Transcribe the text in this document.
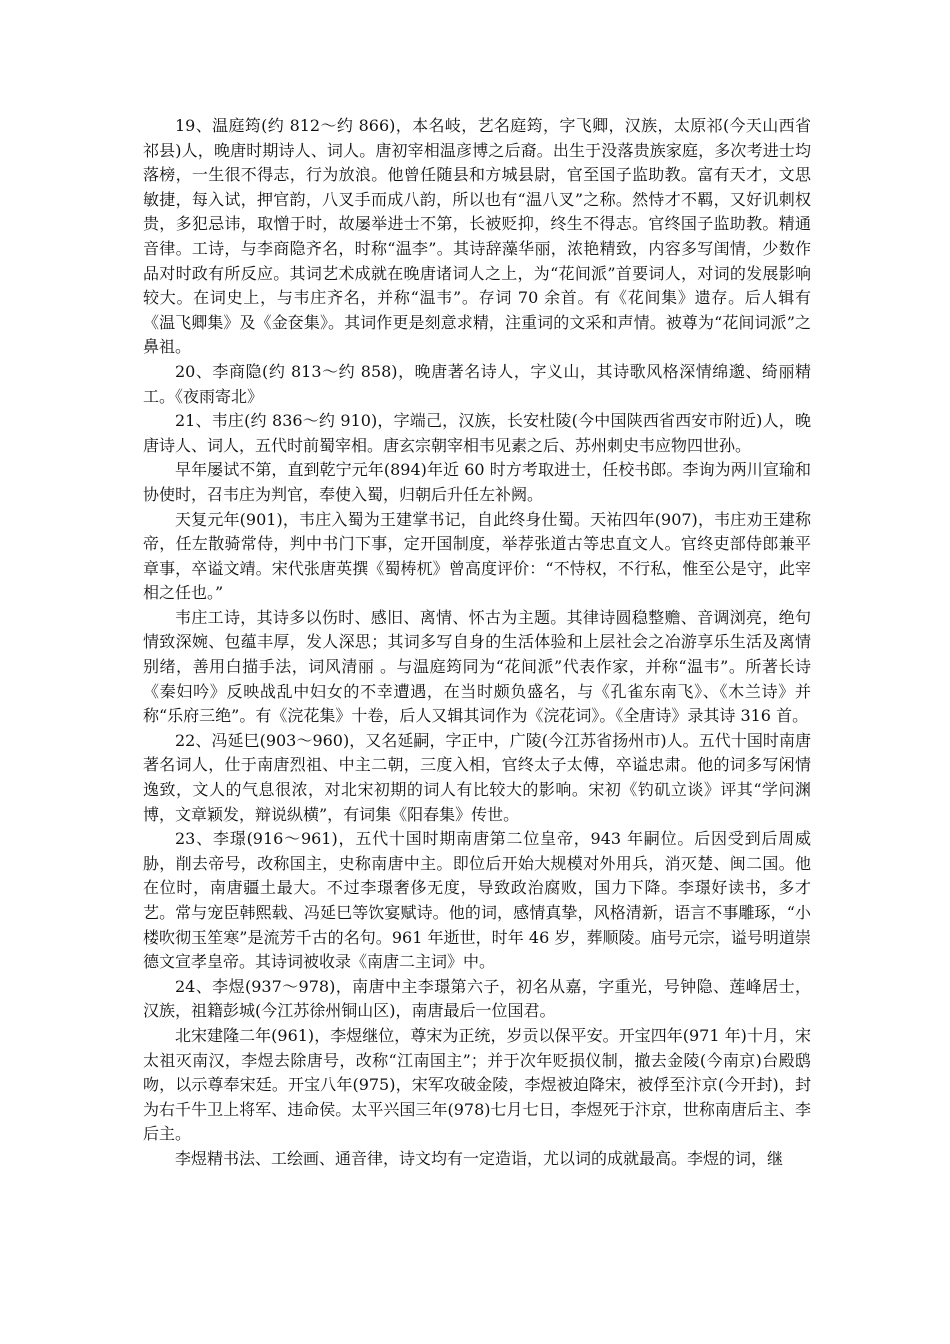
19、温庭筠(约 812～约 866)，本名岐，艺名庭筠，字飞卿，汉族，太原祁(今天山西省祁县)人，晚唐时期诗人、词人。唐初宰相温彦博之后裔。出生于没落贵族家庭，多次考进士均落榜，一生很不得志，行为放浪。他曾任随县和方城县尉，官至国子监助教。富有天才，文思敏捷，每入试，押官韵，八叉手而成八韵，所以也有“温八叉”之称。然恃才不羁，又好讥刺权贵，多犯忌讳，取憎于时，故屡举进士不第，长被贬抑，终生不得志。官终国子监助教。精通音律。工诗，与李商隐齐名，时称“温李”。其诗辞藻华丽，浓艳精致，内容多写闺情，少数作品对时政有所反应。其词艺术成就在晚唐诸词人之上，为“花间派”首要词人，对词的发展影响较大。在词史上，与韦庄齐名，并称“温韦”。存词 70 余首。有《花间集》遗存。后人辑有《温飞卿集》及《金奁集》。其词作更是刻意求精，注重词的文采和声情。被尊为“花间词派”之鼻祖。

20、李商隐(约 813～约 858)，晚唐著名诗人，字义山，其诗歌风格深情绵邈、绮丽精工。《夜雨寄北》

21、韦庄(约 836～约 910)，字端己，汉族，长安杜陵(今中国陕西省西安市附近)人，晚唐诗人、词人，五代时前蜀宰相。唐玄宗朝宰相韦见素之后、苏州刺史韦应物四世孙。

早年屡试不第，直到乾宁元年(894)年近 60 时方考取进士，任校书郎。李询为两川宣瑜和协使时，召韦庄为判官，奉使入蜀，归朝后升任左补阙。

天复元年(901)，韦庄入蜀为王建掌书记，自此终身仕蜀。天祐四年(907)，韦庄劝王建称帝，任左散骑常侍，判中书门下事，定开国制度，举荐张道古等忠直文人。官终吏部侍郎兼平章事，卒谥文靖。宋代张唐英撰《蜀梼杌》曾高度评价：“不恃权，不行私，惟至公是守，此宰相之任也。”

韦庄工诗，其诗多以伤时、感旧、离情、怀古为主题。其律诗圆稳整赡、音调浏亮，绝句情致深婉、包蕴丰厚，发人深思；其词多写自身的生活体验和上层社会之冶游享乐生活及离情别绪，善用白描手法，词风清丽 。与温庭筠同为“花间派”代表作家，并称“温韦”。所著长诗《秦妇吟》反映战乱中妇女的不幸遭遇，在当时颇负盛名，与《孔雀东南飞》、《木兰诗》并称“乐府三绝”。有《浣花集》十卷，后人又辑其词作为《浣花词》。《全唐诗》录其诗 316 首。

22、冯延巳(903～960)，又名延嗣，字正中，广陵(今江苏省扬州市)人。五代十国时南唐著名词人，仕于南唐烈祖、中主二朝，三度入相，官终太子太傅，卒谥忠肃。他的词多写闲情逸致，文人的气息很浓，对北宋初期的词人有比较大的影响。宋初《钓矶立谈》评其“学问渊博，文章颖发，辩说纵横”，有词集《阳春集》传世。

23、李璟(916～961)，五代十国时期南唐第二位皇帝，943 年嗣位。后因受到后周威胁，削去帝号，改称国主，史称南唐中主。即位后开始大规模对外用兵，消灭楚、闽二国。他在位时，南唐疆土最大。不过李璟奢侈无度，导致政治腐败，国力下降。李璟好读书，多才艺。常与宠臣韩熙载、冯延巳等饮宴赋诗。他的词，感情真挚，风格清新，语言不事雕琢，“小楼吹彻玉笙寒”是流芳千古的名句。961 年逝世，时年 46 岁，葬顺陵。庙号元宗，谥号明道崇德文宣孝皇帝。其诗词被收录《南唐二主词》中。

24、李煜(937～978)，南唐中主李璟第六子，初名从嘉，字重光，号钟隐、莲峰居士，汉族，祖籍彭城(今江苏徐州铜山区)，南唐最后一位国君。

北宋建隆二年(961)，李煜继位，尊宋为正统，岁贡以保平安。开宝四年(971 年)十月，宋太祖灭南汉，李煜去除唐号，改称“江南国主”；并于次年贬损仪制，撤去金陵(今南京)台殿鸱吻，以示尊奉宋廷。开宝八年(975)，宋军攻破金陵，李煜被迫降宋，被俘至汴京(今开封)，封为右千牛卫上将军、违命侯。太平兴国三年(978)七月七日，李煜死于汴京，世称南唐后主、李后主。

李煜精书法、工绘画、通音律，诗文均有一定造诣，尤以词的成就最高。李煜的词，继
